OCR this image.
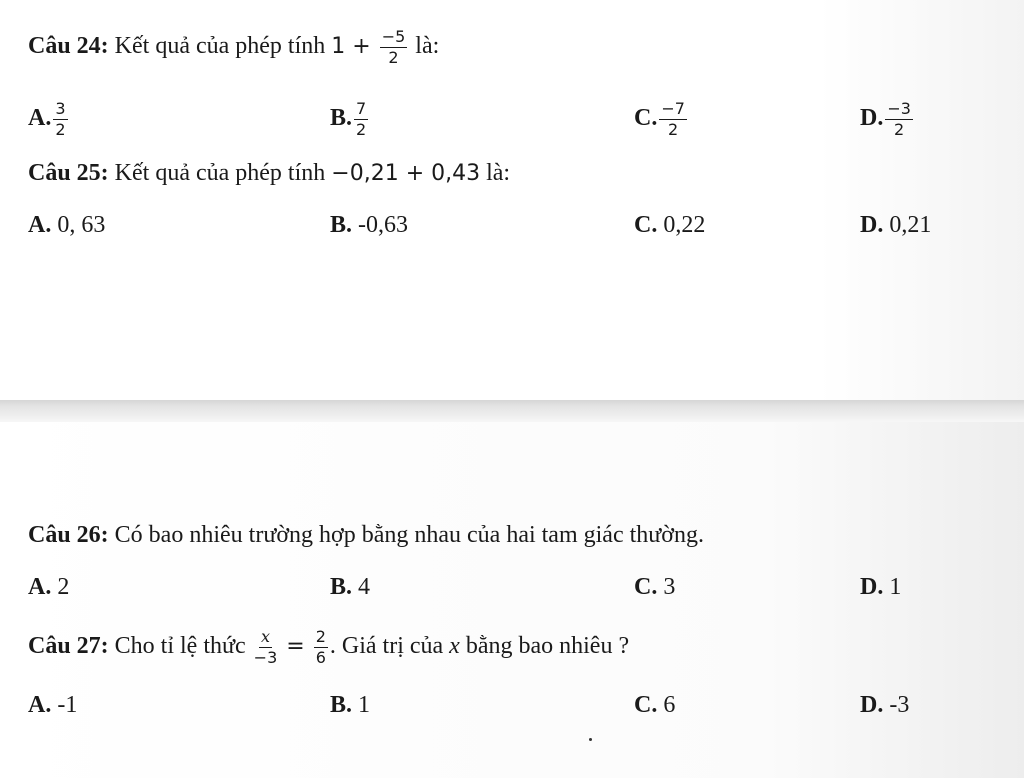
Câu 24: Kết quả của phép tính $1 + \frac{-5}{2}$ là:
A. $\frac{3}{2}$	B. $\frac{7}{2}$	C. $\frac{-7}{2}$	D. $\frac{-3}{2}$
Câu 25: Kết quả của phép tính −0,21 + 0,43 là:
A. 0, 63	B. -0,63	C. 0,22	D. 0,21
Câu 26: Có bao nhiêu trường hợp bằng nhau của hai tam giác thường.
A. 2	B. 4	C. 3	D. 1
Câu 27: Cho tỉ lệ thức $\frac{x}{-3} = \frac{2}{6}$ . Giá trị của x bằng bao nhiêu ?
A. -1	B. 1	C. 6	D. -3
